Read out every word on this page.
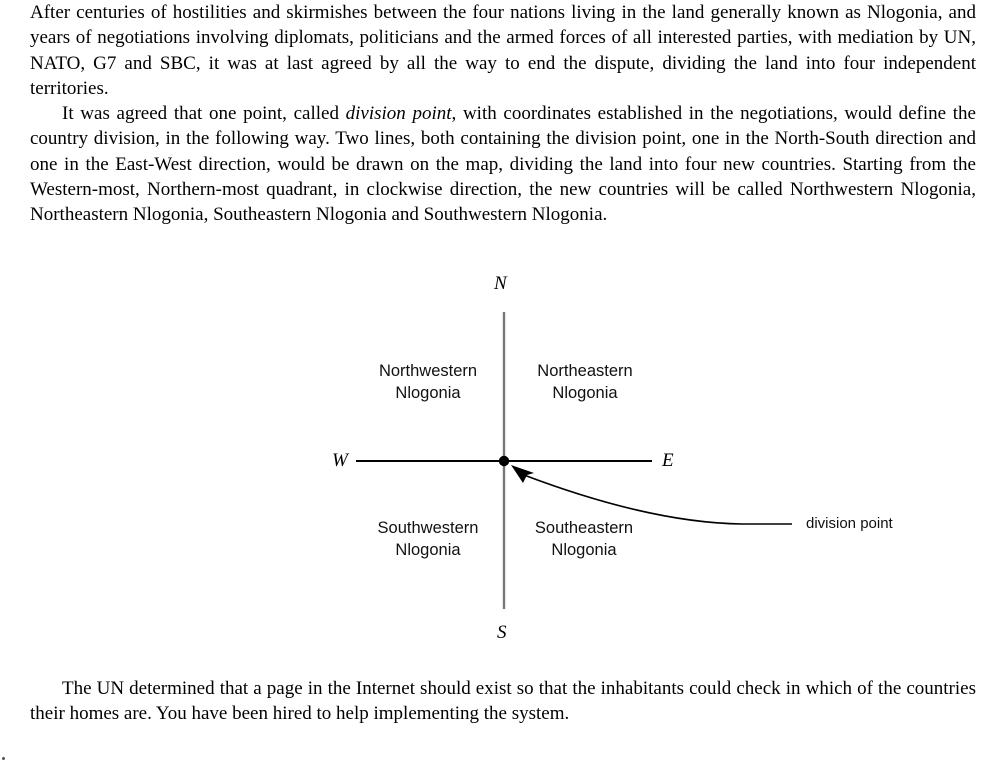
After centuries of hostilities and skirmishes between the four nations living in the land generally known as Nlogonia, and years of negotiations involving diplomats, politicians and the armed forces of all interested parties, with mediation by UN, NATO, G7 and SBC, it was at last agreed by all the way to end the dispute, dividing the land into four independent territories.

It was agreed that one point, called division point, with coordinates established in the negotiations, would define the country division, in the following way. Two lines, both containing the division point, one in the North-South direction and one in the East-West direction, would be drawn on the map, dividing the land into four new countries. Starting from the Western-most, Northern-most quadrant, in clockwise direction, the new countries will be called Northwestern Nlogonia, Northeastern Nlogonia, Southeastern Nlogonia and Southwestern Nlogonia.

N
S
W	E
Northwestern
Nlogonia
Northeastern
Nlogonia
Southwestern
Nlogonia
Southeastern
Nlogonia
division point

The UN determined that a page in the Internet should exist so that the inhabitants could check in which of the countries their homes are. You have been hired to help implementing the system.
